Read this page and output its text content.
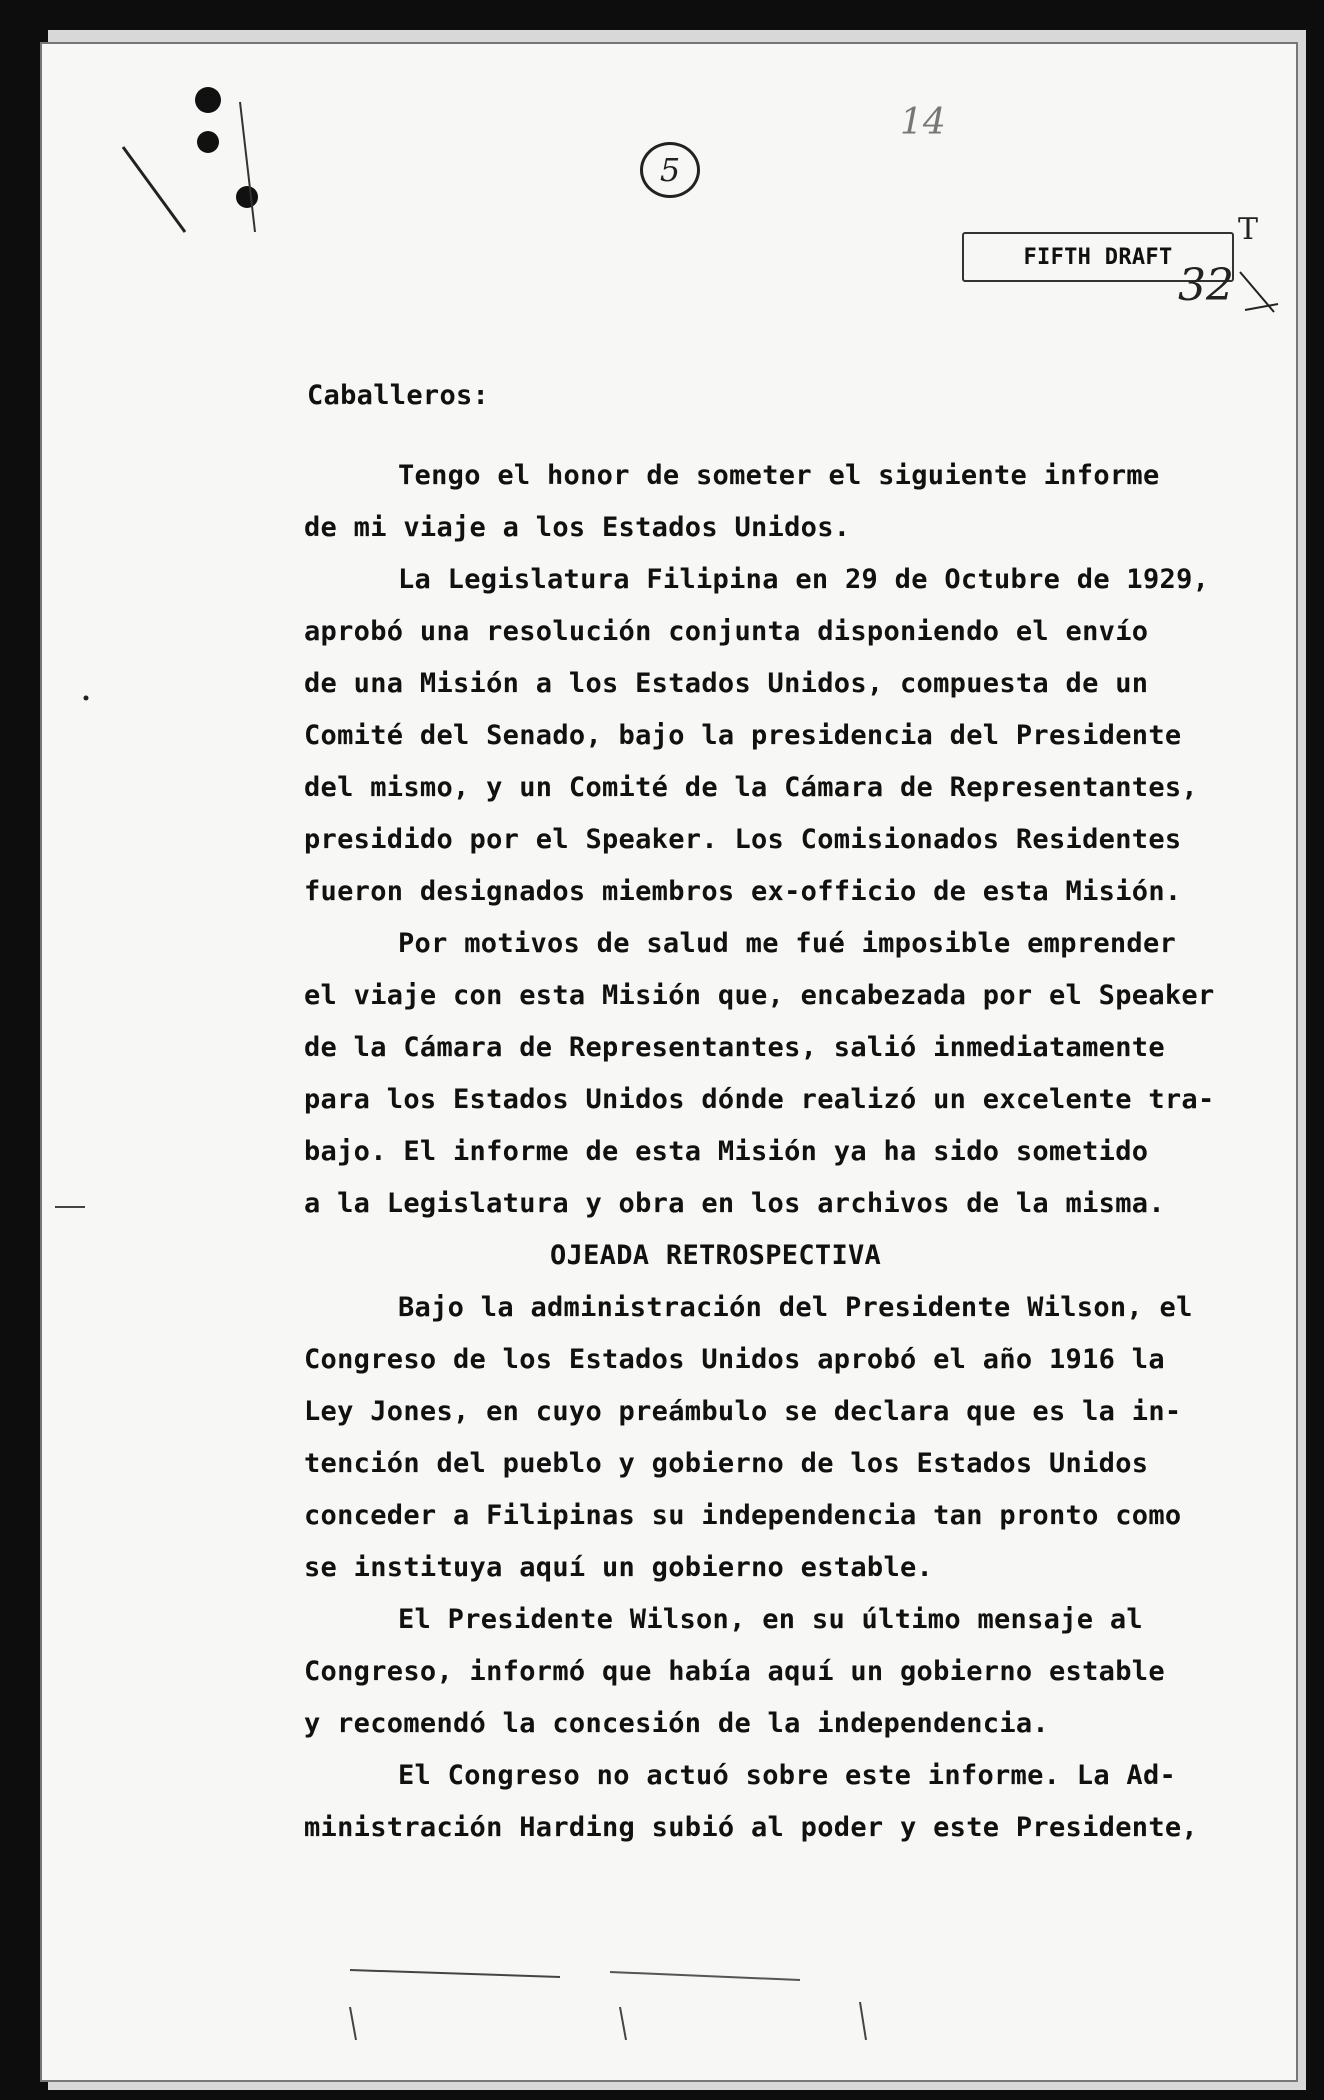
5
14
FIFTH DRAFT
T
32
Caballeros:
Tengo el honor de someter el siguiente informe
de mi viaje a los Estados Unidos.
La Legislatura Filipina en 29 de Octubre de 1929,
aprobó una resolución conjunta disponiendo el envío
de una Misión a los Estados Unidos, compuesta de un
Comité del Senado, bajo la presidencia del Presidente
del mismo, y un Comité de la Cámara de Representantes,
presidido por el Speaker. Los Comisionados Residentes
fueron designados miembros ex-officio de esta Misión.
Por motivos de salud me fué imposible emprender
el viaje con esta Misión que, encabezada por el Speaker
de la Cámara de Representantes, salió inmediatamente
para los Estados Unidos dónde realizó un excelente tra-
bajo. El informe de esta Misión ya ha sido sometido
a la Legislatura y obra en los archivos de la misma.
OJEADA RETROSPECTIVA
Bajo la administración del Presidente Wilson, el
Congreso de los Estados Unidos aprobó el año 1916 la
Ley Jones, en cuyo preámbulo se declara que es la in-
tención del pueblo y gobierno de los Estados Unidos
conceder a Filipinas su independencia tan pronto como
se instituya aquí un gobierno estable.
El Presidente Wilson, en su último mensaje al
Congreso, informó que había aquí un gobierno estable
y recomendó la concesión de la independencia.
El Congreso no actuó sobre este informe. La Ad-
ministración Harding subió al poder y este Presidente,
